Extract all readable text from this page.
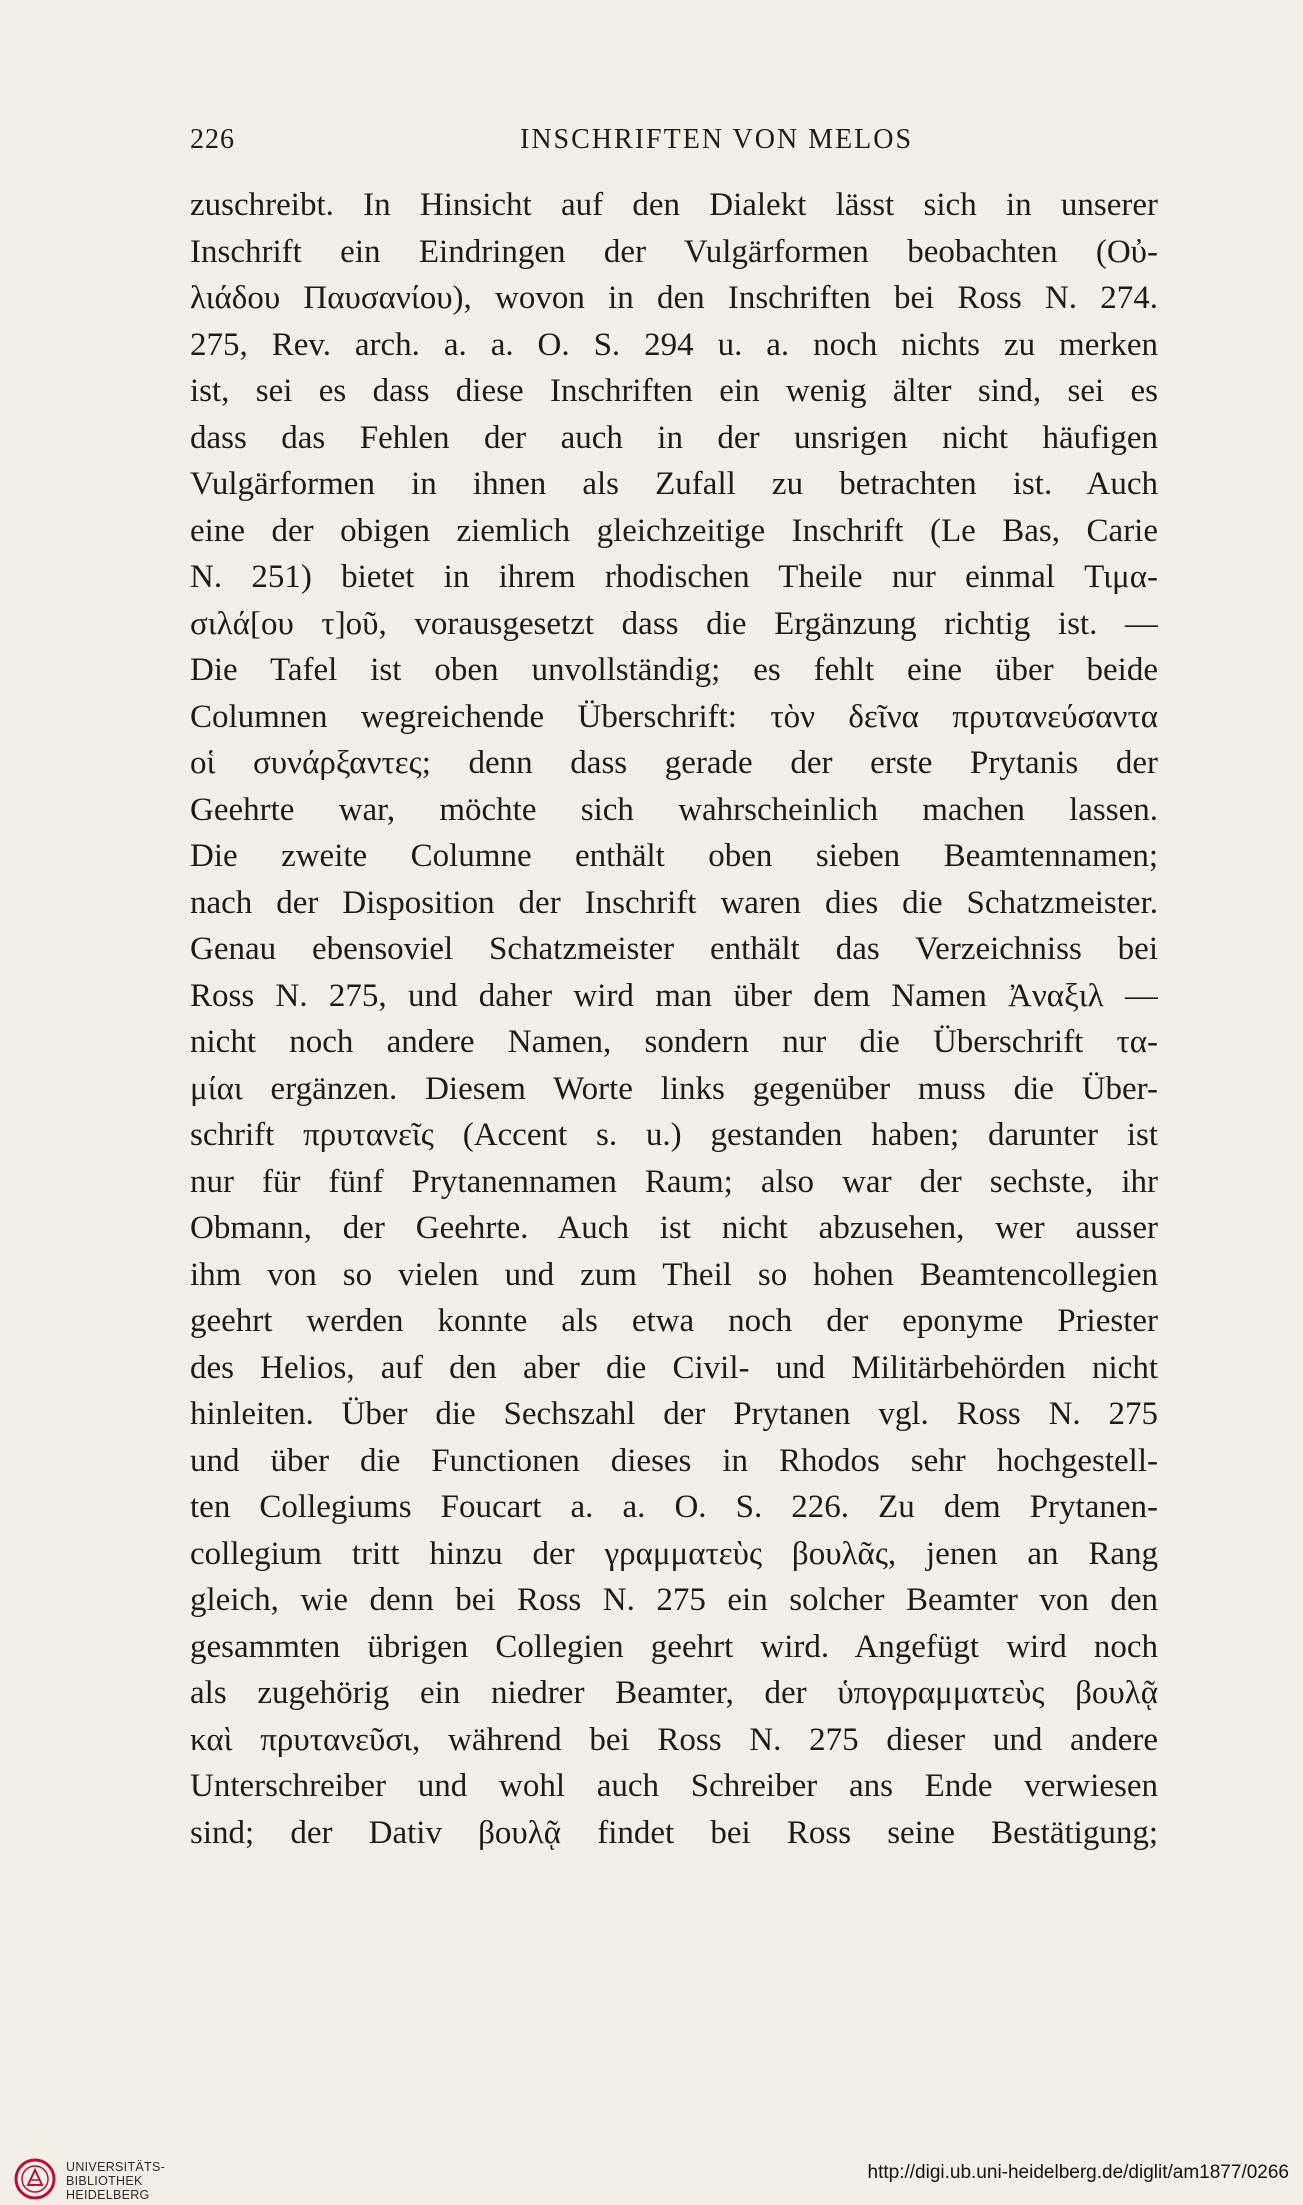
226	INSCHRIFTEN VON MELOS
zuschreibt. In Hinsicht auf den Dialekt lässt sich in unserer
Inschrift ein Eindringen der Vulgärformen beobachten (Οὐ-
λιάδου Παυσανίου), wovon in den Inschriften bei Ross N. 274.
275, Rev. arch. a. a. O. S. 294 u. a. noch nichts zu merken
ist, sei es dass diese Inschriften ein wenig älter sind, sei es
dass das Fehlen der auch in der unsrigen nicht häufigen
Vulgärformen in ihnen als Zufall zu betrachten ist. Auch
eine der obigen ziemlich gleichzeitige Inschrift (Le Bas, Carie
N. 251) bietet in ihrem rhodischen Theile nur einmal Τιμα-
σιλά[ου τ]οῦ, vorausgesetzt dass die Ergänzung richtig ist. —
Die Tafel ist oben unvollständig; es fehlt eine über beide
Columnen wegreichende Überschrift: τὸν δεῖνα πρυτανεύσαντα
οἱ συνάρξαντες; denn dass gerade der erste Prytanis der
Geehrte war, möchte sich wahrscheinlich machen lassen.
Die zweite Columne enthält oben sieben Beamtennamen;
nach der Disposition der Inschrift waren dies die Schatzmeister.
Genau ebensoviel Schatzmeister enthält das Verzeichniss bei
Ross N. 275, und daher wird man über dem Namen Ἀναξιλ —
nicht noch andere Namen, sondern nur die Überschrift τα-
μίαι ergänzen. Diesem Worte links gegenüber muss die Über-
schrift πρυτανεῖς (Accent s. u.) gestanden haben; darunter ist
nur für fünf Prytanennamen Raum; also war der sechste, ihr
Obmann, der Geehrte. Auch ist nicht abzusehen, wer ausser
ihm von so vielen und zum Theil so hohen Beamtencollegien
geehrt werden konnte als etwa noch der eponyme Priester
des Helios, auf den aber die Civil- und Militärbehörden nicht
hinleiten. Über die Sechszahl der Prytanen vgl. Ross N. 275
und über die Functionen dieses in Rhodos sehr hochgestell-
ten Collegiums Foucart a. a. O. S. 226. Zu dem Prytanen-
collegium tritt hinzu der γραμματεὺς βουλᾶς, jenen an Rang
gleich, wie denn bei Ross N. 275 ein solcher Beamter von den
gesammten übrigen Collegien geehrt wird. Angefügt wird noch
als zugehörig ein niedrer Beamter, der ὑπογραμματεὺς βουλᾷ
καὶ πρυτανεῦσι, während bei Ross N. 275 dieser und andere
Unterschreiber und wohl auch Schreiber ans Ende verwiesen
sind; der Dativ βουλᾷ findet bei Ross seine Bestätigung;
UNIVERSITÄTS-
BIBLIOTHEK
HEIDELBERG
http://digi.ub.uni-heidelberg.de/diglit/am1877/0266
